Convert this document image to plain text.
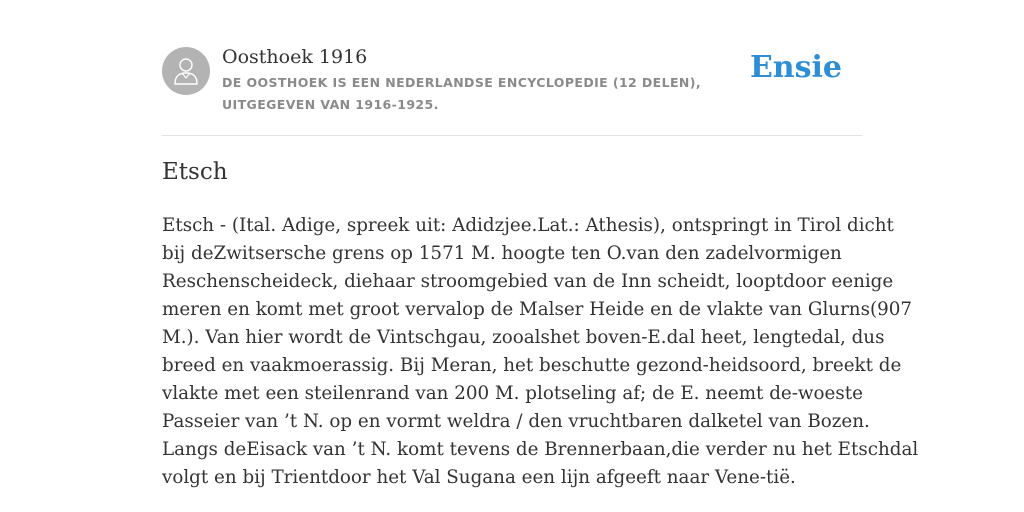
Oosthoek 1916
DE OOSTHOEK IS EEN NEDERLANDSE ENCYCLOPEDIE (12 DELEN), UITGEGEVEN VAN 1916-1925.
Ensie
Etsch
Etsch - (Ital. Adige, spreek uit: Adidzjee.Lat.: Athesis), ontspringt in Tirol dicht
bij deZwitsersche grens op 1571 M. hoogte ten O.van den zadelvormigen
Reschenscheideck, diehaar stroomgebied van de Inn scheidt, looptdoor eenige
meren en komt met groot vervalop de Malser Heide en de vlakte van Glurns(907
M.). Van hier wordt de Vintschgau, zooalshet boven-E.dal heet, lengtedal, dus
breed en vaakmoerassig. Bij Meran, het beschutte gezond-heidsoord, breekt de
vlakte met een steilenrand van 200 M. plotseling af; de E. neemt de-woeste
Passeier van ’t N. op en vormt weldra / den vruchtbaren dalketel van Bozen.
Langs deEisack van ’t N. komt tevens de Brennerbaan,die verder nu het Etschdal
volgt en bij Trientdoor het Val Sugana een lijn afgeeft naar Vene-tië.
